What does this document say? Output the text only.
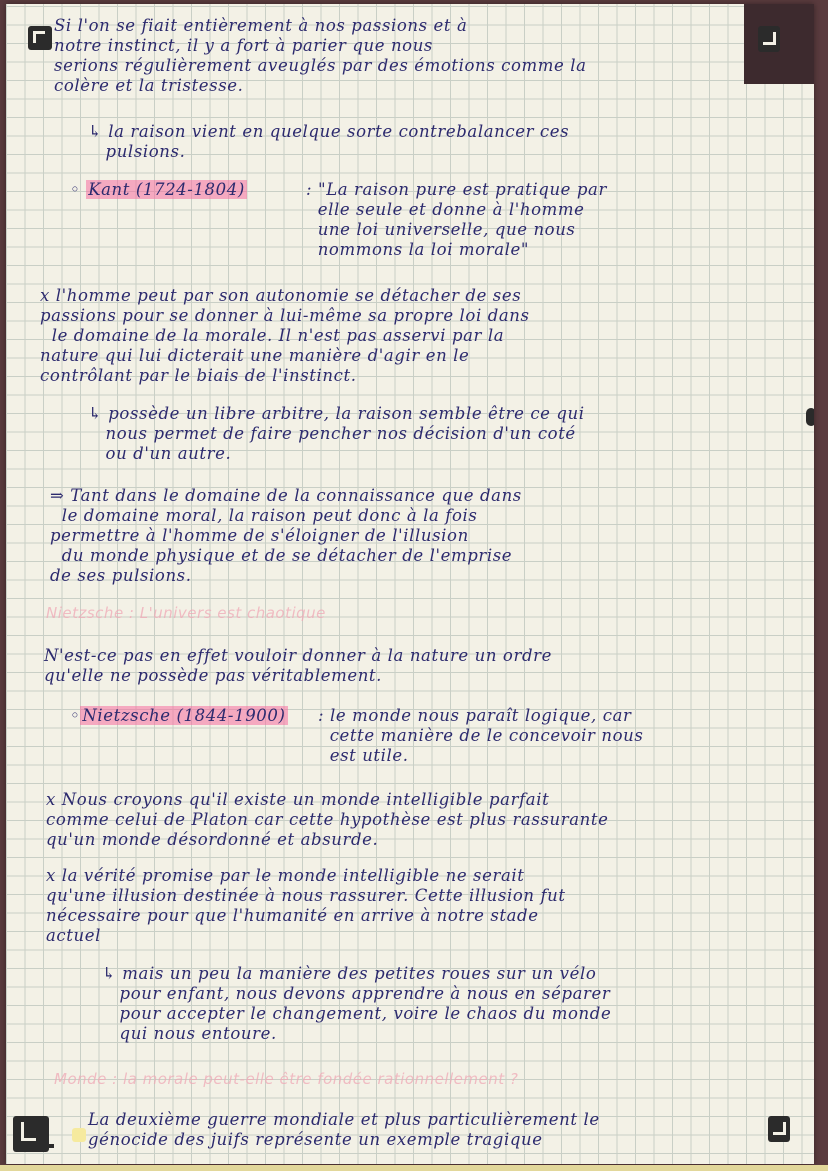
Si l'on se fiait entièrement à nos passions et à
notre instinct, il y a fort à parier que nous
serions régulièrement aveuglés par des émotions comme la
colère et la tristesse.
↳ la raison vient en quelque sorte contrebalancer ces
pulsions.
◦ Kant (1724-1804)	: "La raison pure est pratique par
elle seule et donne à l'homme
une loi universelle, que nous
nommons la loi morale"
x l'homme peut par son autonomie se détacher de ses
passions pour se donner à lui-même sa propre loi dans
le domaine de la morale. Il n'est pas asservi par la
nature qui lui dicterait une manière d'agir en le
contrôlant par le biais de l'instinct.
↳ possède un libre arbitre, la raison semble être ce qui
nous permet de faire pencher nos décision d'un coté
ou d'un autre.
⇒ Tant dans le domaine de la connaissance que dans
le domaine moral, la raison peut donc à la fois
permettre à l'homme de s'éloigner de l'illusion
du monde physique et de se détacher de l'emprise
de ses pulsions.
Nietzsche : L'univers est chaotique
N'est-ce pas en effet vouloir donner à la nature un ordre
qu'elle ne possède pas véritablement.
◦ Nietzsche (1844-1900) : le monde nous paraît logique, car
cette manière de le concevoir nous
est utile.
x Nous croyons qu'il existe un monde intelligible parfait
comme celui de Platon car cette hypothèse est plus rassurante
qu'un monde désordonné et absurde.
x la vérité promise par le monde intelligible ne serait
qu'une illusion destinée à nous rassurer. Cette illusion fut
nécessaire pour que l'humanité en arrive à notre stade
actuel
↳ mais un peu la manière des petites roues sur un vélo
pour enfant, nous devons apprendre à nous en séparer
pour accepter le changement, voire le chaos du monde
qui nous entoure.
Monde : la morale peut-elle être fondée rationnellement ?
La deuxième guerre mondiale et plus particulièrement le
génocide des juifs représente un exemple tragique
